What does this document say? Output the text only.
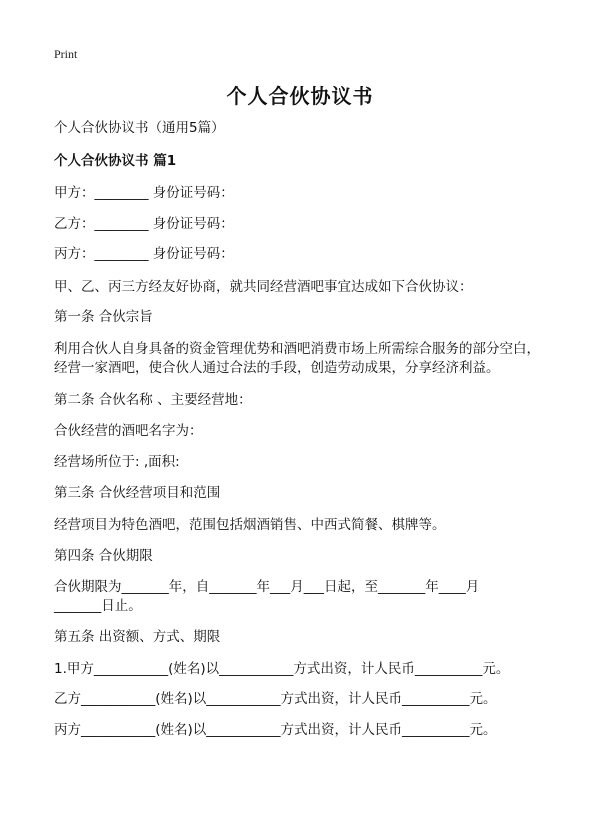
Print
个人合伙协议书

个人合伙协议书（通用5篇）

个人合伙协议书 篇1

甲方：________ 身份证号码：

乙方：________ 身份证号码：

丙方：________ 身份证号码：

甲、乙、丙三方经友好协商，就共同经营酒吧事宜达成如下合伙协议：

第一条 合伙宗旨

利用合伙人自身具备的资金管理优势和酒吧消费市场上所需综合服务的部分空白，

经营一家酒吧，使合伙人通过合法的手段，创造劳动成果，分享经济利益。

第二条 合伙名称 、主要经营地：

合伙经营的酒吧名字为：

经营场所位于: ,面积:

第三条 合伙经营项目和范围

经营项目为特色酒吧，范围包括烟酒销售、中西式简餐、棋牌等。

第四条 合伙期限

合伙期限为_______年，自_______年___月___日起，至_______年____月

_______日止。

第五条 出资额、方式、期限

1.甲方___________(姓名)以___________方式出资，计人民币__________元。

乙方___________(姓名)以___________方式出资，计人民币__________元。

丙方___________(姓名)以___________方式出资，计人民币__________元。
